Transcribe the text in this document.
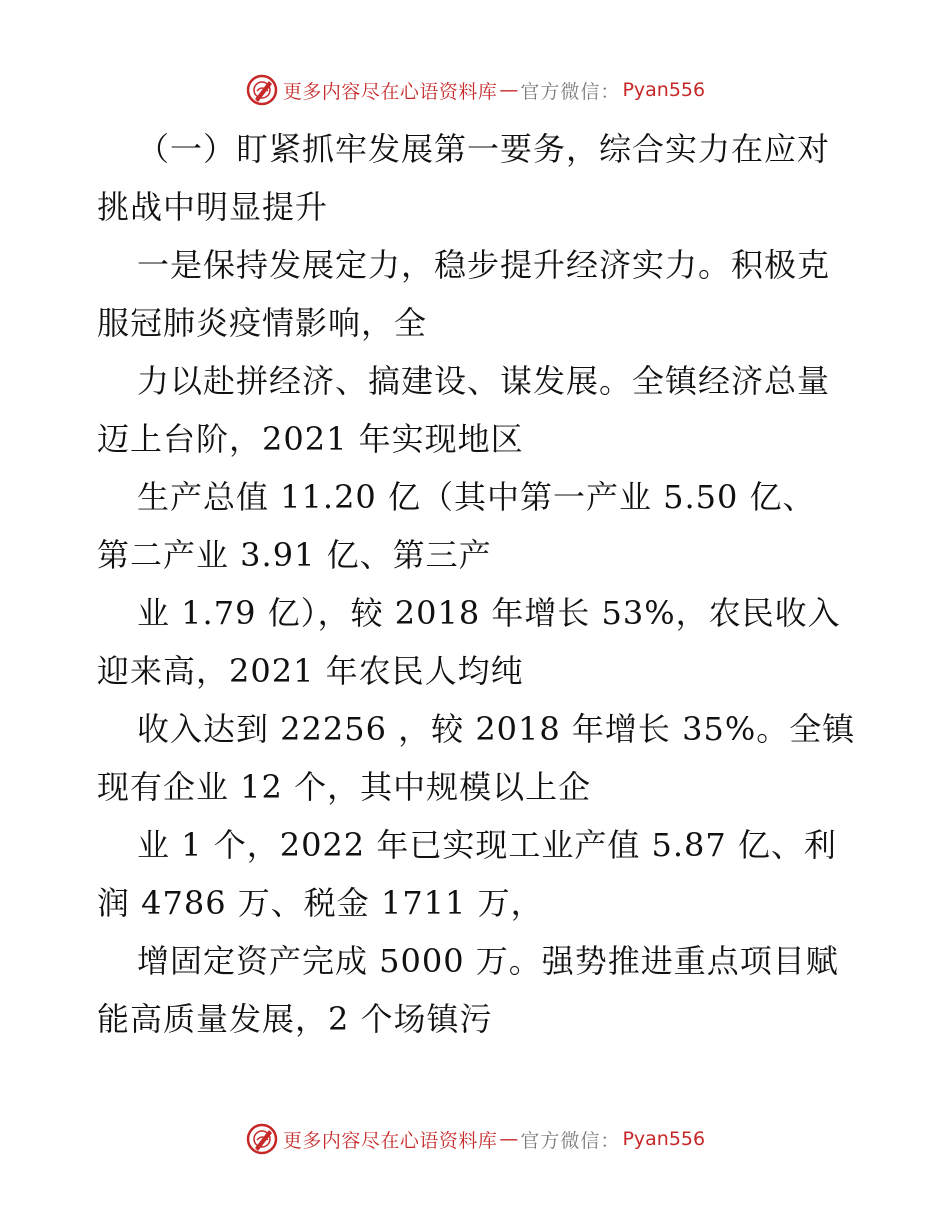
更多内容尽在心语资料库 — 官方微信： Pyan556

（一）盯紧抓牢发展第一要务，综合实力在应对
挑战中明显提升

一是保持发展定力，稳步提升经济实力。积极克
服冠肺炎疫情影响，全

力以赴拼经济、搞建设、谋发展。全镇经济总量
迈上台阶，2021 年实现地区

生产总值 11.20 亿（其中第一产业 5.50 亿、
第二产业 3.91 亿、第三产

业 1.79 亿），较 2018 年增长 53%，农民收入
迎来高，2021 年农民人均纯

收入达到 22256 ，较 2018 年增长 35%。全镇
现有企业 12 个，其中规模以上企

业 1 个，2022 年已实现工业产值 5.87 亿、利
润 4786 万、税金 1711 万，

增固定资产完成 5000 万。强势推进重点项目赋
能高质量发展，2 个场镇污

更多内容尽在心语资料库 — 官方微信： Pyan556
